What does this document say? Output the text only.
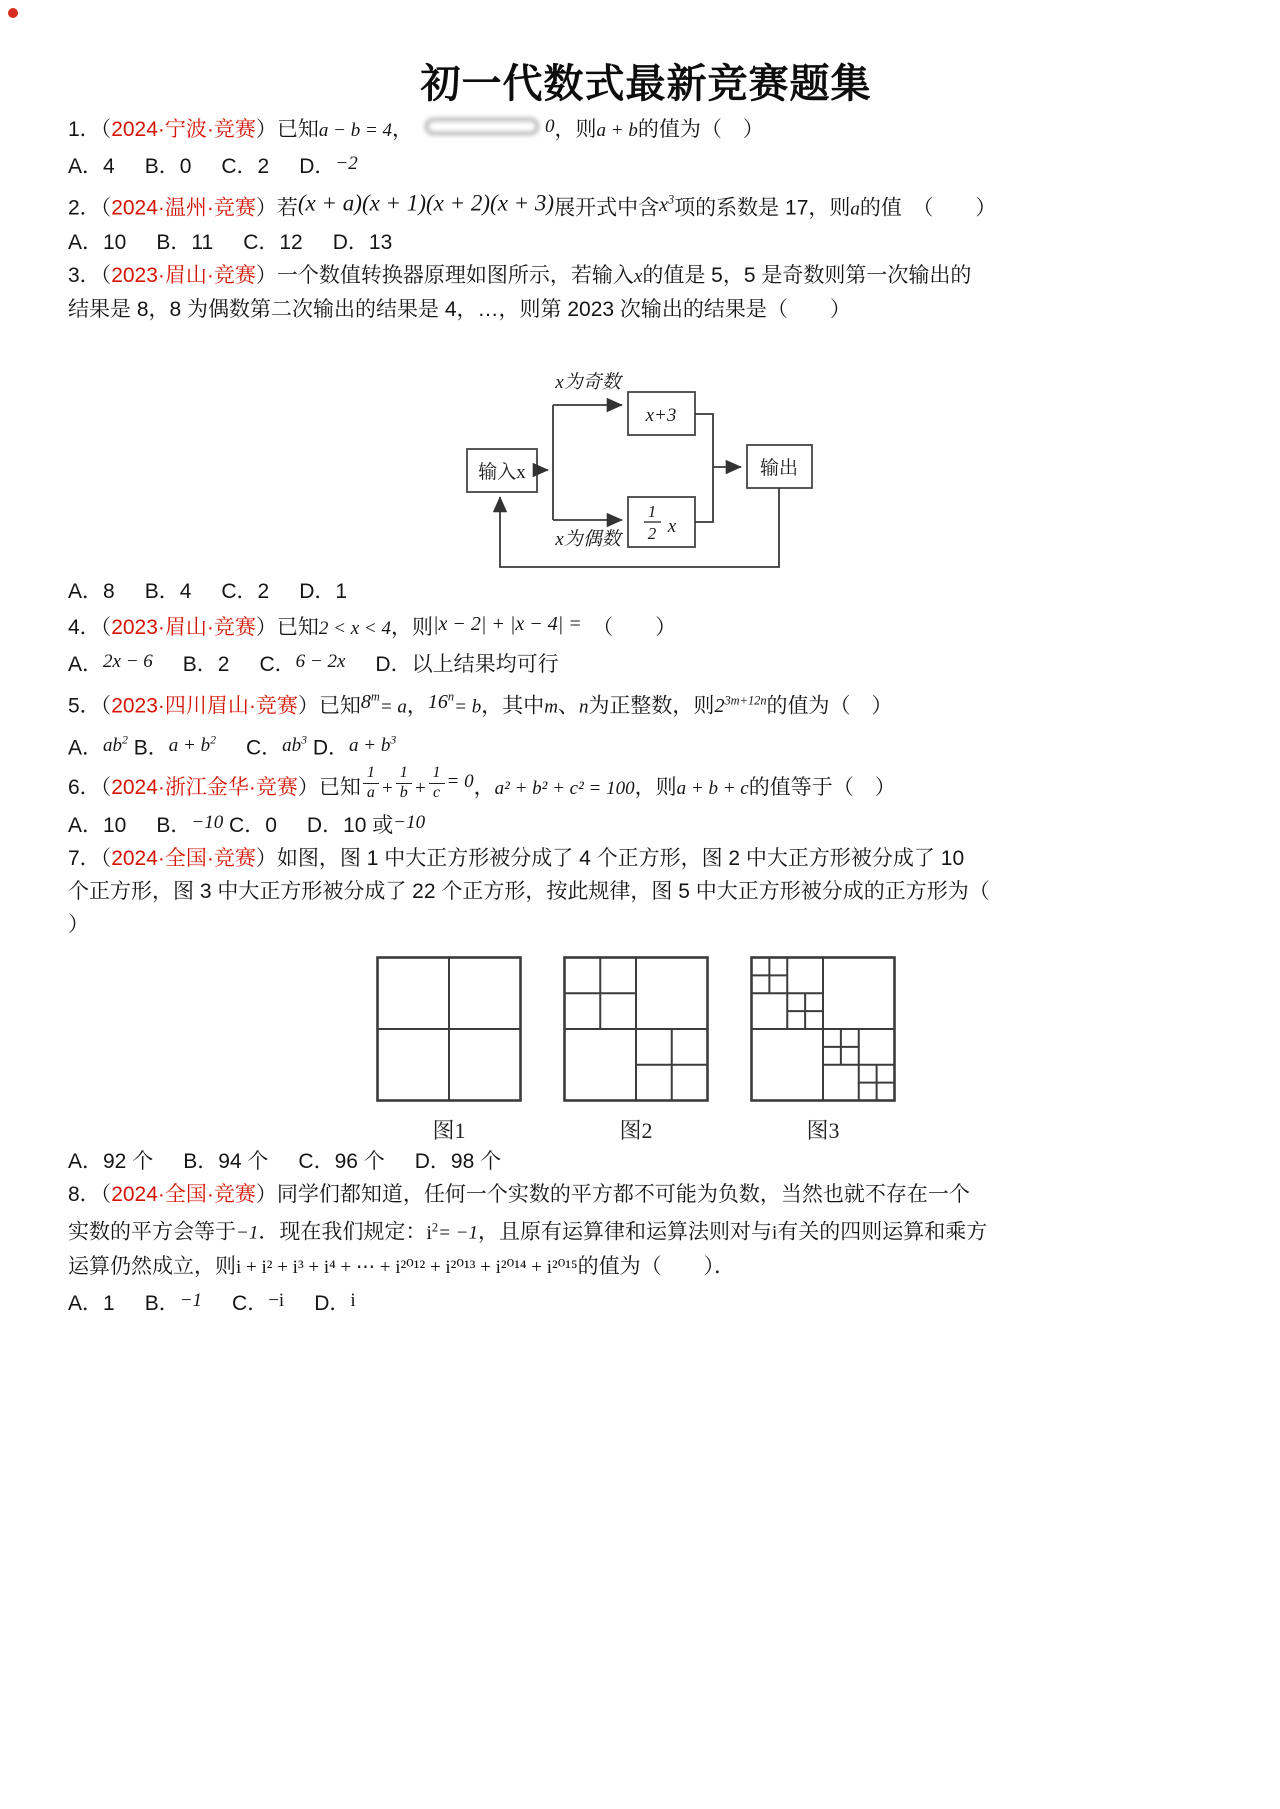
初一代数式最新竞赛题集

1．（2024·宁波·竞赛）已知a − b = 4，	0，则a + b的值为（　）

A．4 B．0 C．2 D．−2

2．（2024·温州·竞赛）若(x + a)(x + 1)(x + 2)(x + 3)展开式中含$x^3$项的系数是 17，则a的值　（　　）

A．10 B．11 C．12 D．13

3．（2023·眉山·竞赛）一个数值转换器原理如图所示，若输入x的值是 5，5 是奇数则第一次输出的

结果是 8，8 为偶数第二次输出的结果是 4，…，则第 2023 次输出的结果是（　　）

输入x
x为奇数
x+3
x为偶数
1
2 x
输出

A．8 B．4 C．2 D．1

4．（2023·眉山·竞赛）已知2 < x < 4，则|x − 2| + |x − 4| =　（　　）

A．2x − 6 B．2 C．6 − 2x D．以上结果均可行

5．（2023·四川眉山·竞赛）已知$8^m= a$，$16^n= b$，其中m、n为正整数，则$2^{3m+12n}$的值为（　）

A．$ab^2$ B．$a + b^2$ C．$ab^3$ D．$a + b^3$

6．（2024·浙江金华·竞赛）已知 $\frac{1}{a} + \frac{1}{b} + \frac{1}{c} = 0$，a² + b² + c² = 100，则a + b + c的值等于（　）

A．10 B．−10 C．0 D．10 或−10

7．（2024·全国·竞赛）如图，图 1 中大正方形被分成了 4 个正方形，图 2 中大正方形被分成了 10

个正方形，图 3 中大正方形被分成了 22 个正方形，按此规律，图 5 中大正方形被分成的正方形为（

）

图1	图2	图3

A．92 个 B．94 个 C．96 个 D．98 个

8．（2024·全国·竞赛）同学们都知道，任何一个实数的平方都不可能为负数，当然也就不存在一个

实数的平方会等于−1．现在我们规定：$i^2= -1$，且原有运算律和运算法则对与i有关的四则运算和乘方

运算仍然成立，则i + i² + i³ + i⁴ + ⋯ + i²⁰¹² + i²⁰¹³ + i²⁰¹⁴ + i²⁰¹⁵的值为（　　）．

A．1 B．−1 C．−i D．i
